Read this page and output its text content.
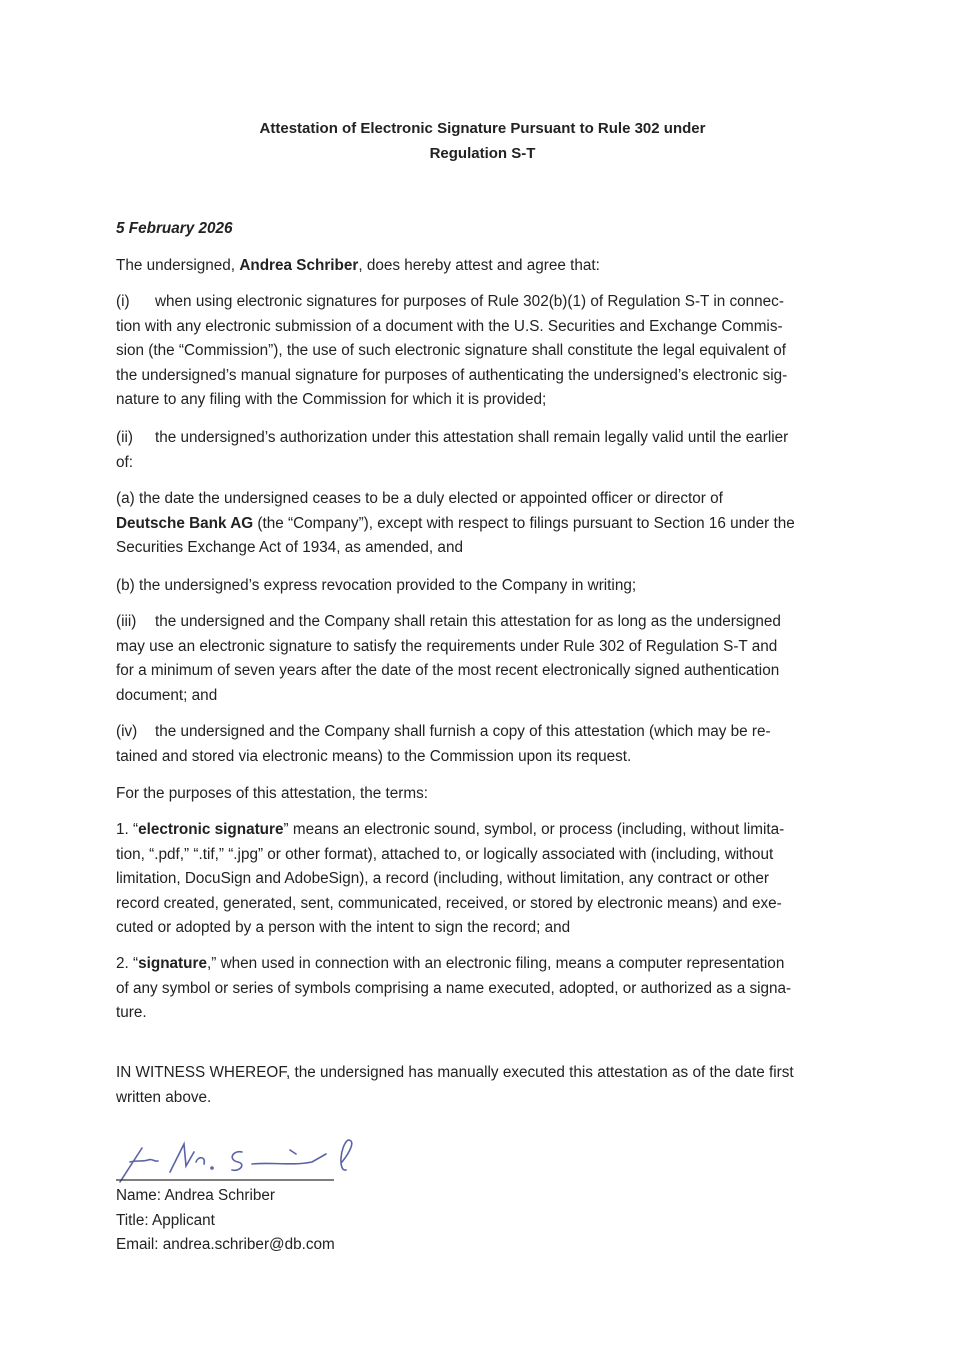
Attestation of Electronic Signature Pursuant to Rule 302 under
Regulation S-T
5 February 2026
The undersigned, Andrea Schriber, does hereby attest and agree that:
(i) when using electronic signatures for purposes of Rule 302(b)(1) of Regulation S-T in connec-
tion with any electronic submission of a document with the U.S. Securities and Exchange Commis-
sion (the “Commission”), the use of such electronic signature shall constitute the legal equivalent of
the undersigned’s manual signature for purposes of authenticating the undersigned’s electronic sig-
nature to any filing with the Commission for which it is provided;
(ii) the undersigned’s authorization under this attestation shall remain legally valid until the earlier
of:
(a) the date the undersigned ceases to be a duly elected or appointed officer or director of
Deutsche Bank AG (the “Company”), except with respect to filings pursuant to Section 16 under the
Securities Exchange Act of 1934, as amended, and
(b) the undersigned’s express revocation provided to the Company in writing;
(iii) the undersigned and the Company shall retain this attestation for as long as the undersigned
may use an electronic signature to satisfy the requirements under Rule 302 of Regulation S-T and
for a minimum of seven years after the date of the most recent electronically signed authentication
document; and
(iv) the undersigned and the Company shall furnish a copy of this attestation (which may be re-
tained and stored via electronic means) to the Commission upon its request.
For the purposes of this attestation, the terms:
1. “electronic signature” means an electronic sound, symbol, or process (including, without limita-
tion, “.pdf,” “.tif,” “.jpg” or other format), attached to, or logically associated with (including, without
limitation, DocuSign and AdobeSign), a record (including, without limitation, any contract or other
record created, generated, sent, communicated, received, or stored by electronic means) and exe-
cuted or adopted by a person with the intent to sign the record; and
2. “signature,” when used in connection with an electronic filing, means a computer representation
of any symbol or series of symbols comprising a name executed, adopted, or authorized as a signa-
ture.
IN WITNESS WHEREOF, the undersigned has manually executed this attestation as of the date first
written above.
Name: Andrea Schriber
Title: Applicant
Email: andrea.schriber@db.com
